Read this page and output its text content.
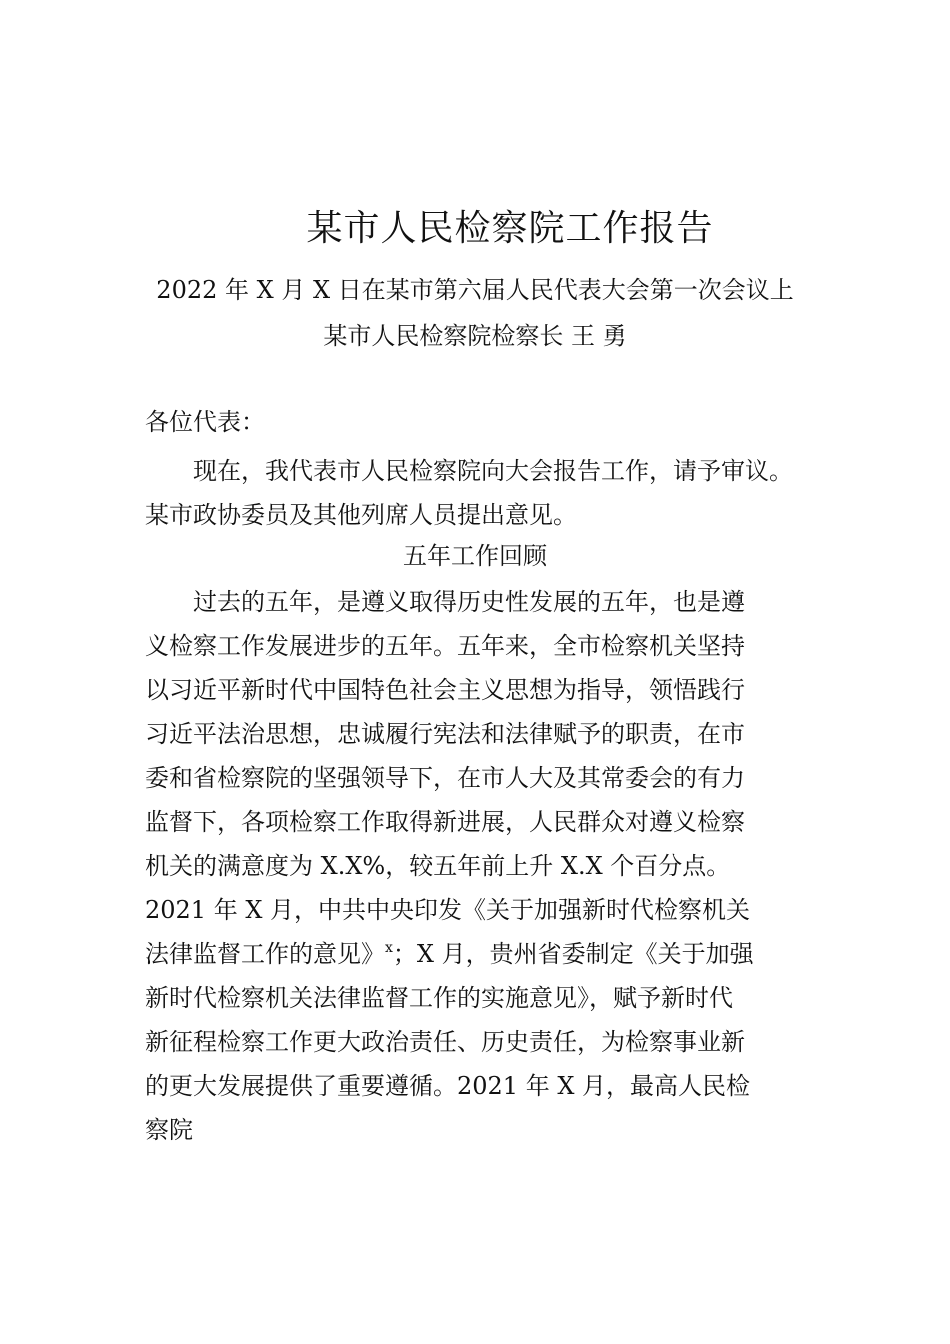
某市人民检察院工作报告
2022 年 X 月 X 日在某市第六届人民代表大会第一次会议上
某市人民检察院检察长 王 勇
各位代表：
现在，我代表市人民检察院向大会报告工作，请予审议。某市政协委员及其他列席人员提出意见。
五年工作回顾
过去的五年，是遵义取得历史性发展的五年，也是遵
义检察工作发展进步的五年。五年来，全市检察机关坚持
以习近平新时代中国特色社会主义思想为指导，领悟践行
习近平法治思想，忠诚履行宪法和法律赋予的职责，在市
委和省检察院的坚强领导下，在市人大及其常委会的有力
监督下，各项检察工作取得新进展，人民群众对遵义检察
机关的满意度为 X.X%，较五年前上升 X.X 个百分点。
2021 年 X 月，中共中央印发《关于加强新时代检察机关
法律监督工作的意见》$^x$；X 月，贵州省委制定《关于加强
新时代检察机关法律监督工作的实施意见》，赋予新时代
新征程检察工作更大政治责任、历史责任，为检察事业新
的更大发展提供了重要遵循。2021 年 X 月，最高人民检
察院
